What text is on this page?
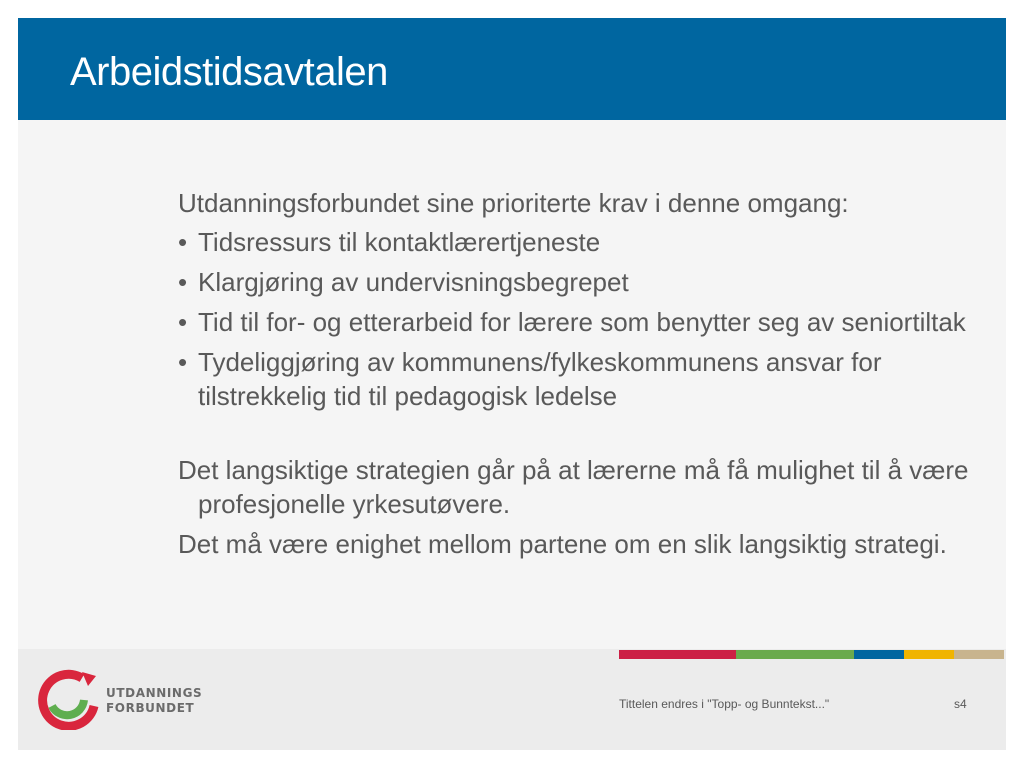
Arbeidstidsavtalen

Utdanningsforbundet sine prioriterte krav i denne omgang:

• Tidsressurs til kontaktlærertjeneste

• Klargjøring av undervisningsbegrepet

• Tid til for- og etterarbeid for lærere som benytter seg av seniortiltak

• Tydeliggjøring av kommunens/fylkeskommunens ansvar for tilstrekkelig tid til pedagogisk ledelse

Det langsiktige strategien går på at lærerne må få mulighet til å være profesjonelle yrkesutøvere.

Det må være enighet mellom partene om en slik langsiktig strategi.

UTDANNINGS
FORBUNDET	Tittelen endres i "Topp- og Bunntekst..."	s4
